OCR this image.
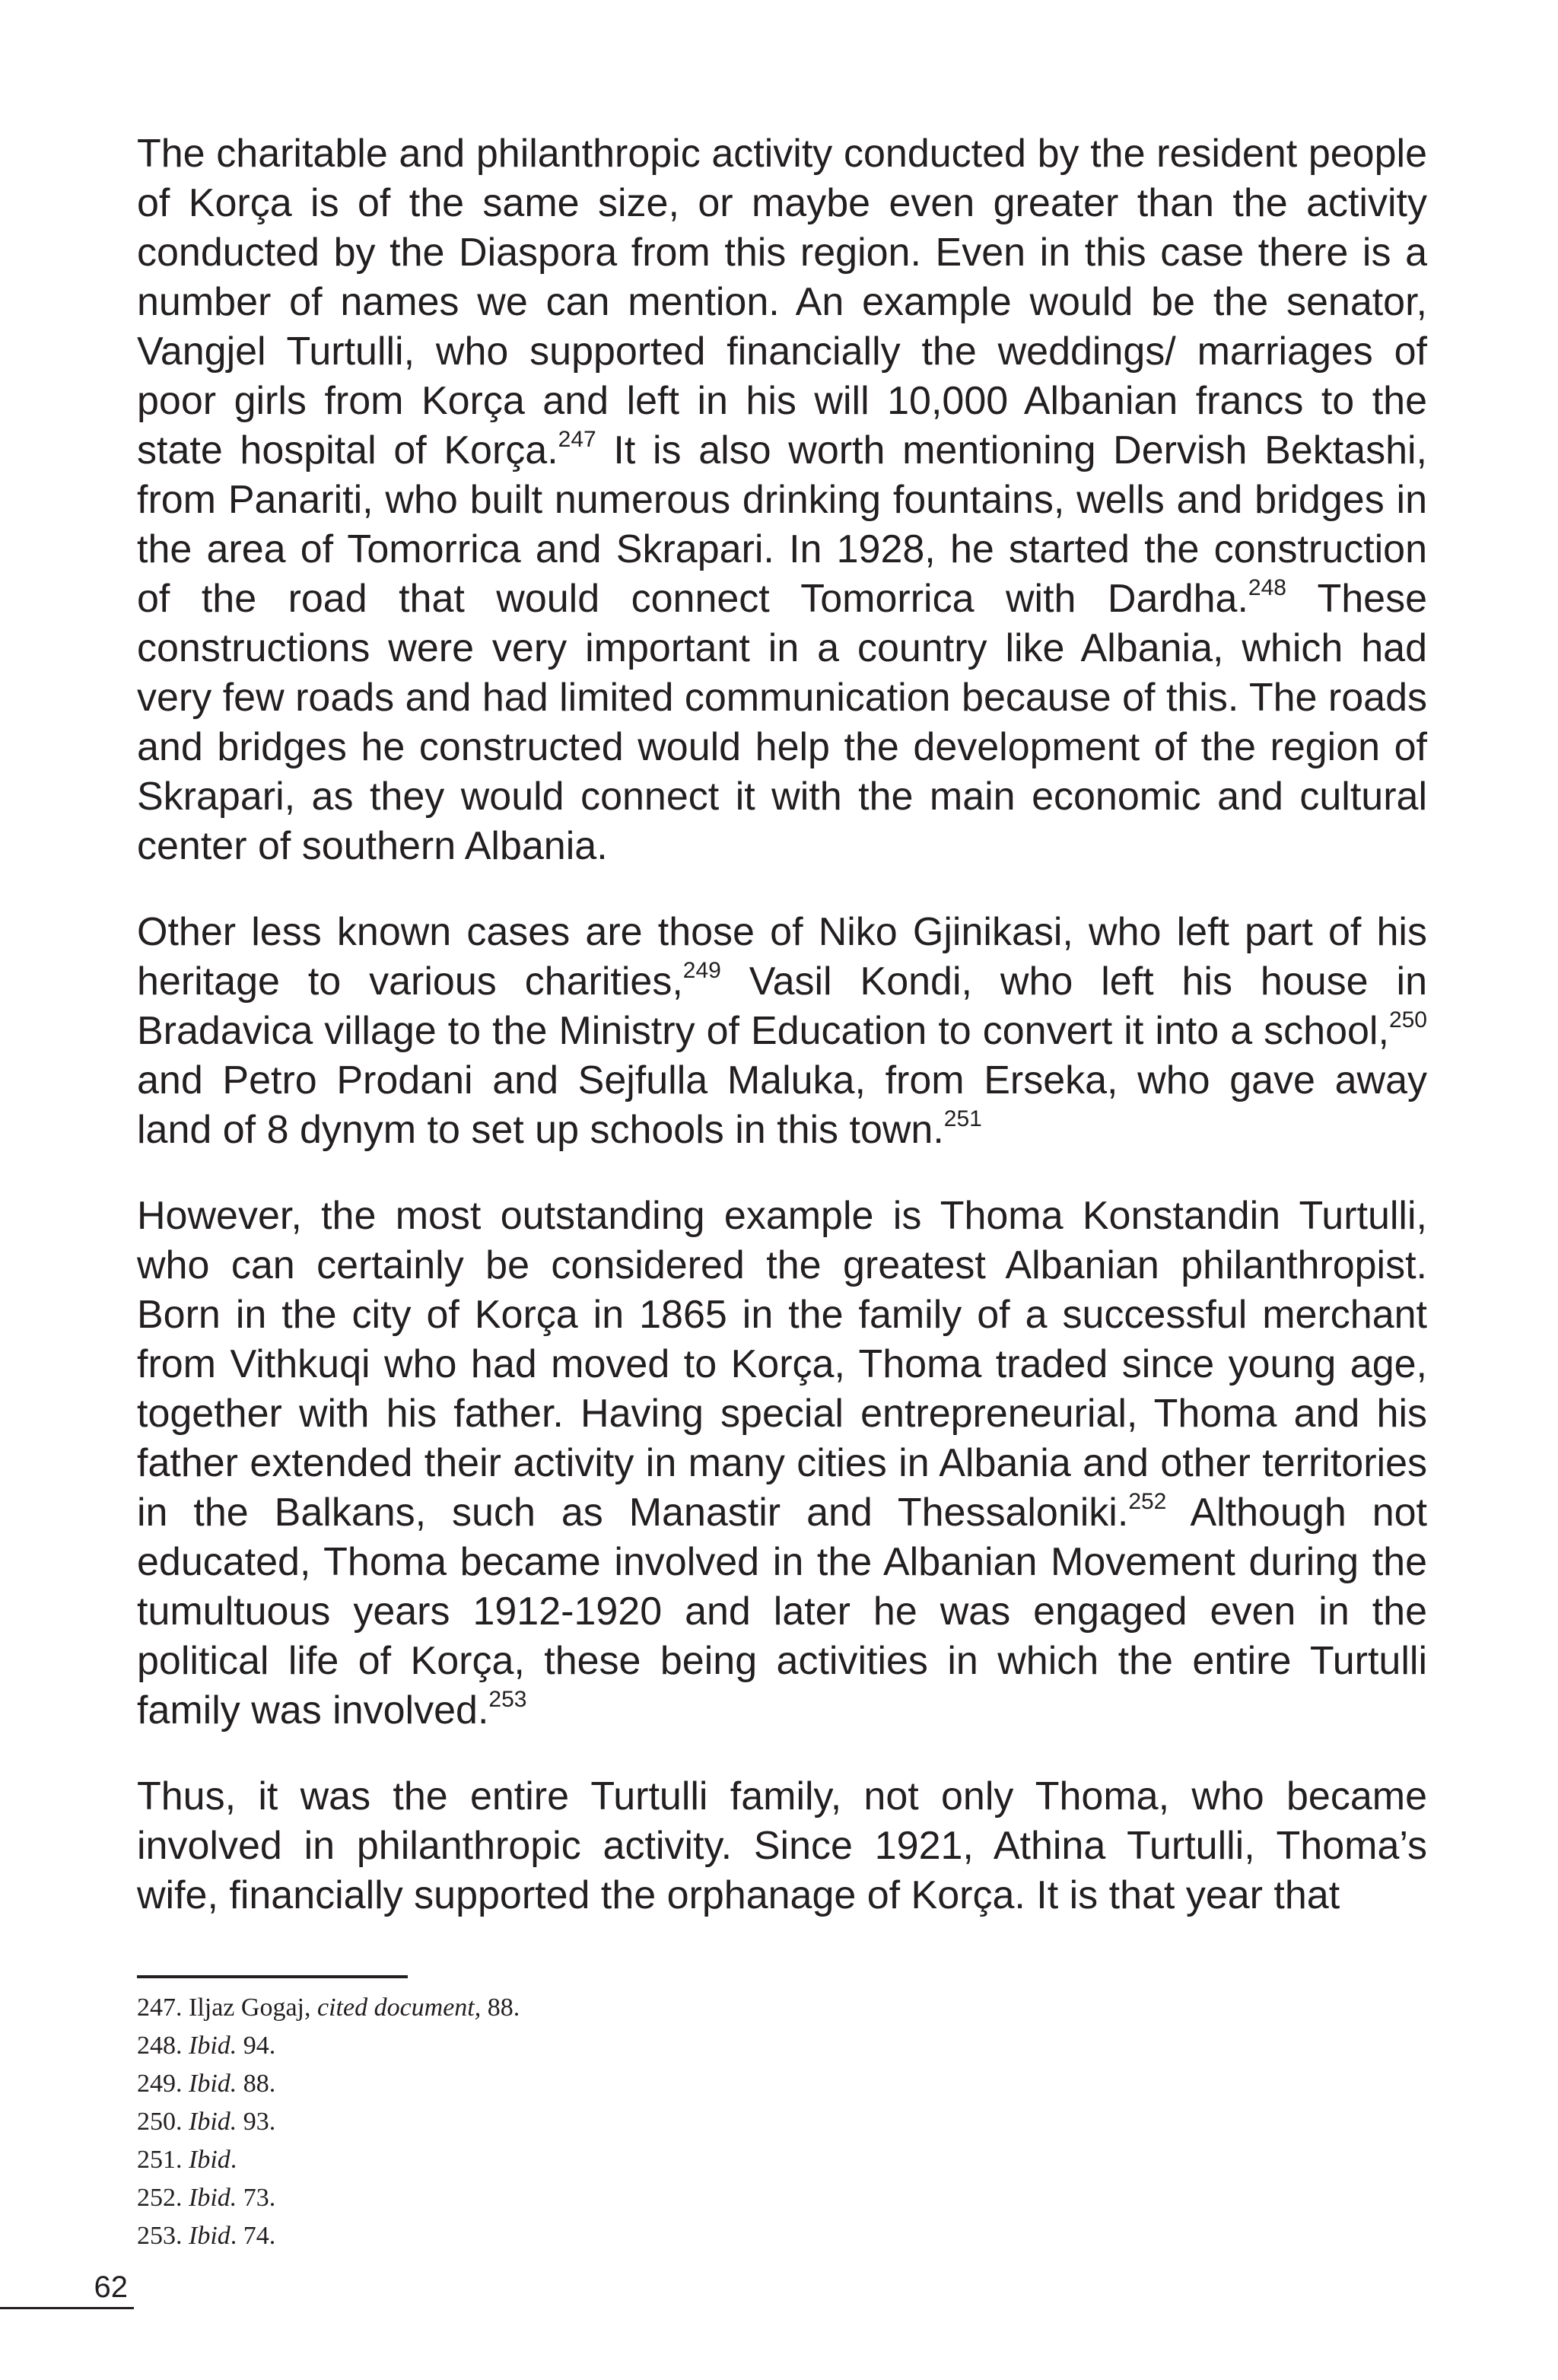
The charitable and philanthropic activity conducted by the resident people of Korça is of the same size, or maybe even greater than the activity conducted by the Diaspora from this region. Even in this case there is a number of names we can mention. An example would be the senator, Vangjel Turtulli, who supported financially the weddings/ marriages of poor girls from Korça and left in his will 10,000 Albanian francs to the state hospital of Korça.$^{247}$ It is also worth mentioning Dervish Bektashi, from Panariti, who built numerous drinking fountains, wells and bridges in the area of Tomorrica and Skrapari. In 1928, he started the construction of the road that would connect Tomorrica with Dardha.$^{248}$ These constructions were very important in a country like Albania, which had very few roads and had limited communication because of this. The roads and bridges he constructed would help the development of the region of Skrapari, as they would connect it with the main economic and cultural center of southern Albania.

Other less known cases are those of Niko Gjinikasi, who left part of his heritage to various charities,$^{249}$ Vasil Kondi, who left his house in Bradavica village to the Ministry of Education to convert it into a school,$^{250}$ and Petro Prodani and Sejfulla Maluka, from Erseka, who gave away land of 8 dynym to set up schools in this town.$^{251}$

However, the most outstanding example is Thoma Konstandin Turtulli, who can certainly be considered the greatest Albanian philanthropist. Born in the city of Korça in 1865 in the family of a successful merchant from Vithkuqi who had moved to Korça, Thoma traded since young age, together with his father. Having special entrepreneurial, Thoma and his father extended their activity in many cities in Albania and other territories in the Balkans, such as Manastir and Thessaloniki.$^{252}$ Although not educated, Thoma became involved in the Albanian Movement during the tumultuous years 1912-1920 and later he was engaged even in the political life of Korça, these being activities in which the entire Turtulli family was involved.$^{253}$

Thus, it was the entire Turtulli family, not only Thoma, who became involved in philanthropic activity. Since 1921, Athina Turtulli, Thoma’s wife, financially supported the orphanage of Korça. It is that year that

247. Iljaz Gogaj, cited document, 88.

248. Ibid. 94.

249. Ibid. 88.

250. Ibid. 93.

251. Ibid.

252. Ibid. 73.

253. Ibid. 74.

62
